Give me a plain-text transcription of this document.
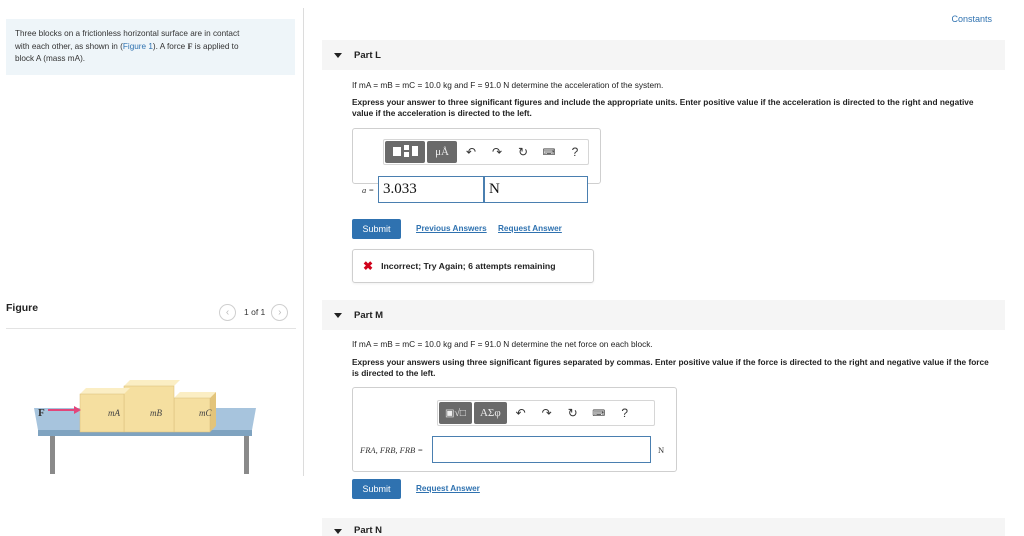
Three blocks on a frictionless horizontal surface are in contact
with each other, as shown in (Figure 1). A force F is applied to
block A (mass mA).
Figure	‹	1 of 1	›
mA	mB	mC
F
Constants
Part L
If mA = mB = mC = 10.0 kg and F = 91.0 N determine the acceleration of the system.
Express your answer to three significant figures and include the appropriate units. Enter positive value if the acceleration is directed to the right and negative value if the acceleration is directed to the left.
μÅ	↶	↷	↻	⌨	?
a = 3.033	N
Submit	Previous Answers Request Answer
✖ Incorrect; Try Again; 6 attempts remaining
Part M
If mA = mB = mC = 10.0 kg and F = 91.0 N determine the net force on each block.
Express your answers using three significant figures separated by commas. Enter positive value if the force is directed to the right and negative value if the force is directed to the left.
▣√□	ΑΣφ	↶	↷	↻	⌨	?
FRA, FRB, FRB =	N
Submit	Request Answer
Part N
